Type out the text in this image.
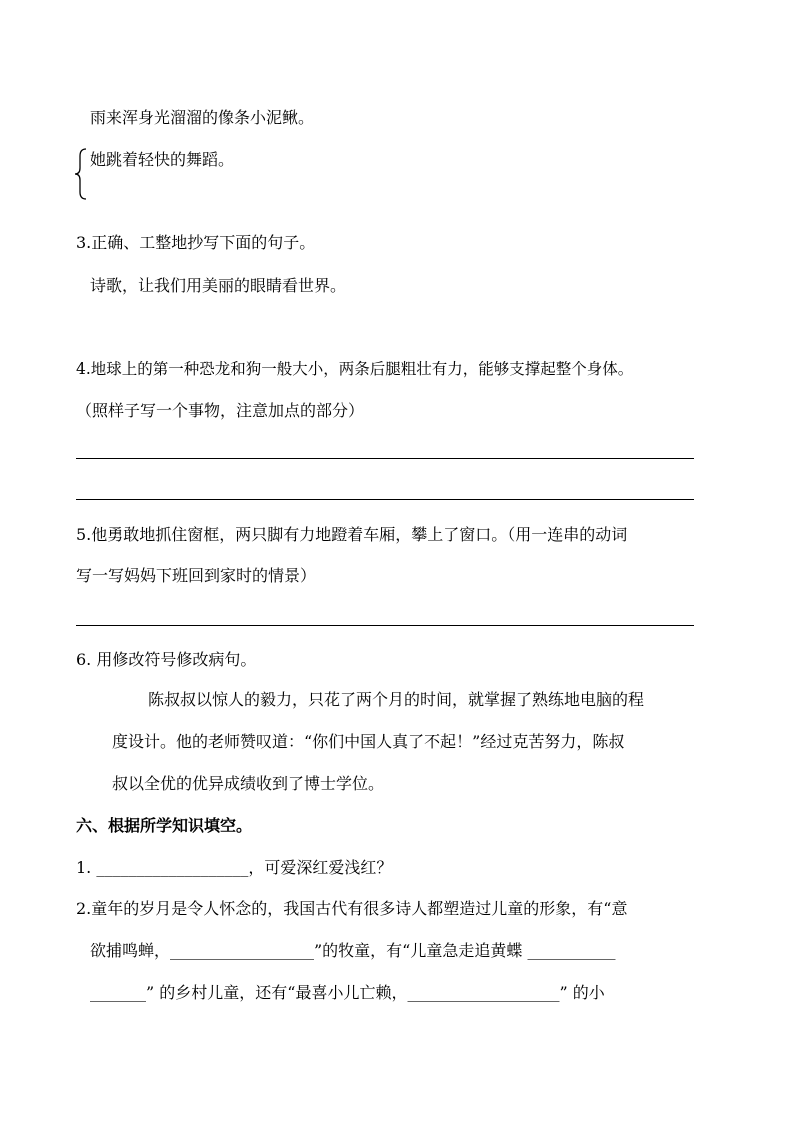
雨来浑身光溜溜的像条小泥鳅。
她跳着轻快的舞蹈。
3.正确、工整地抄写下面的句子。
诗歌，让我们用美丽的眼睛看世界。
4.地球上的第一种恐龙和狗一般大小，两条后腿粗壮有力，能够支撑起整个身体。
（照样子写一个事物，注意加点的部分）
5.他勇敢地抓住窗框，两只脚有力地蹬着车厢，攀上了窗口。（用一连串的动词
写一写妈妈下班回到家时的情景）
6. 用修改符号修改病句。
陈叔叔以惊人的毅力，只花了两个月的时间，就掌握了熟练地电脑的程
度设计。他的老师赞叹道：“你们中国人真了不起！”经过克苦努力，陈叔
叔以全优的优异成绩收到了博士学位。
六、根据所学知识填空。
1. ___________________，可爱深红爱浅红？
2.童年的岁月是令人怀念的，我国古代有很多诗人都塑造过儿童的形象，有“意
欲捕鸣蝉，__________________”的牧童，有“儿童急走追黄蝶 ___________
_______” 的乡村儿童，还有“最喜小儿亡赖，___________________” 的小
